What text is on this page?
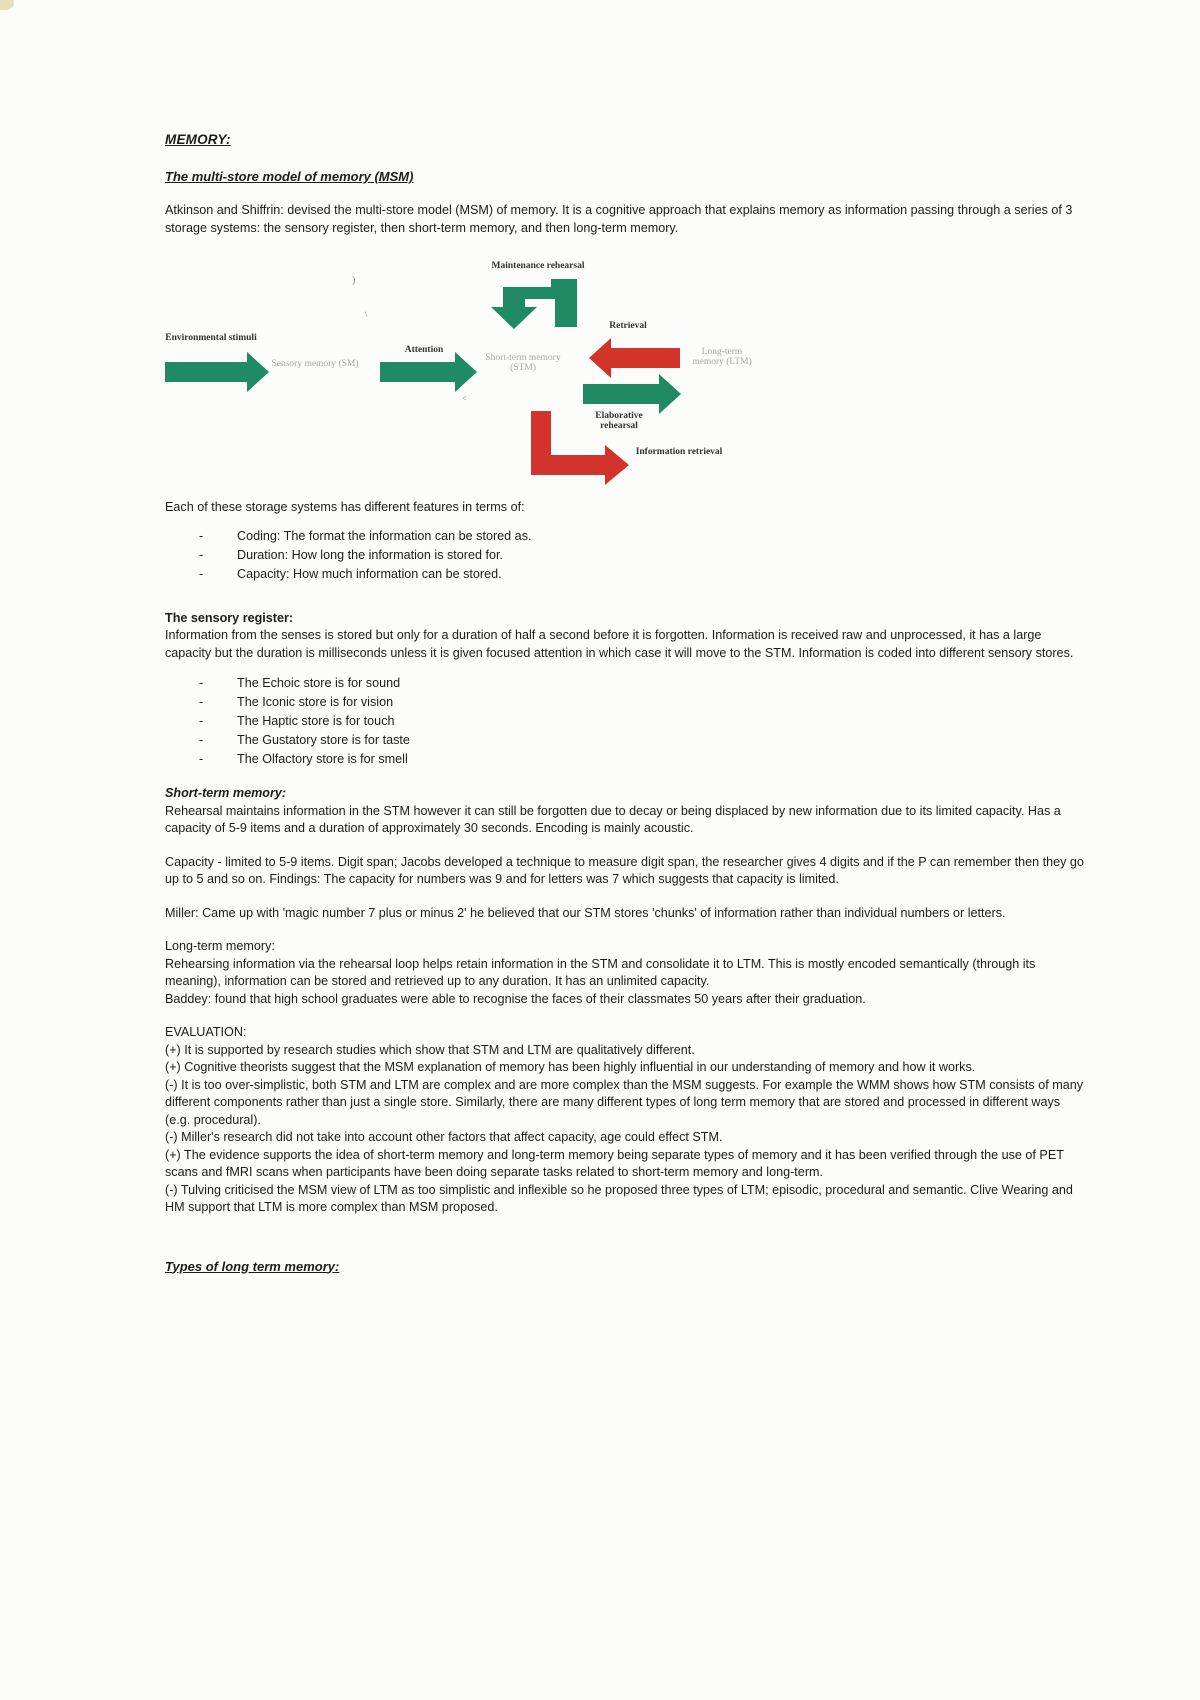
MEMORY:
The multi-store model of memory (MSM)

Atkinson and Shiffrin: devised the multi-store model (MSM) of memory. It is a cognitive approach that explains memory as information passing through a series of 3 storage systems: the sensory register, then short-term memory, and then long-term memory.

)
\
<
Environmental stimuli
Sensory memory (SM)
Attention
Maintenance rehearsal
Short-term memory (STM)
Retrieval
Long-term memory (LTM)
Elaborative rehearsal
Information retrieval

Each of these storage systems has different features in terms of:

- Coding: The format the information can be stored as.
- Duration: How long the information is stored for.
- Capacity: How much information can be stored.

The sensory register:

Information from the senses is stored but only for a duration of half a second before it is forgotten. Information is received raw and unprocessed, it has a large capacity but the duration is milliseconds unless it is given focused attention in which case it will move to the STM. Information is coded into different sensory stores.

- The Echoic store is for sound
- The Iconic store is for vision
- The Haptic store is for touch
- The Gustatory store is for taste
- The Olfactory store is for smell

Short-term memory:

Rehearsal maintains information in the STM however it can still be forgotten due to decay or being displaced by new information due to its limited capacity. Has a capacity of 5-9 items and a duration of approximately 30 seconds. Encoding is mainly acoustic.

Capacity - limited to 5-9 items. Digit span; Jacobs developed a technique to measure digit span, the researcher gives 4 digits and if the P can remember then they go up to 5 and so on. Findings: The capacity for numbers was 9 and for letters was 7 which suggests that capacity is limited.

Miller: Came up with 'magic number 7 plus or minus 2' he believed that our STM stores 'chunks' of information rather than individual numbers or letters.

Long-term memory:

Rehearsing information via the rehearsal loop helps retain information in the STM and consolidate it to LTM. This is mostly encoded semantically (through its meaning), information can be stored and retrieved up to any duration. It has an unlimited capacity.

Baddey: found that high school graduates were able to recognise the faces of their classmates 50 years after their graduation.

EVALUATION:

(+) It is supported by research studies which show that STM and LTM are qualitatively different.

(+) Cognitive theorists suggest that the MSM explanation of memory has been highly influential in our understanding of memory and how it works.

(-) It is too over-simplistic, both STM and LTM are complex and are more complex than the MSM suggests. For example the WMM shows how STM consists of many different components rather than just a single store. Similarly, there are many different types of long term memory that are stored and processed in different ways (e.g. procedural).

(-) Miller's research did not take into account other factors that affect capacity, age could effect STM.

(+) The evidence supports the idea of short-term memory and long-term memory being separate types of memory and it has been verified through the use of PET scans and fMRI scans when participants have been doing separate tasks related to short-term memory and long-term.

(-) Tulving criticised the MSM view of LTM as too simplistic and inflexible so he proposed three types of LTM; episodic, procedural and semantic. Clive Wearing and HM support that LTM is more complex than MSM proposed.

Types of long term memory:
